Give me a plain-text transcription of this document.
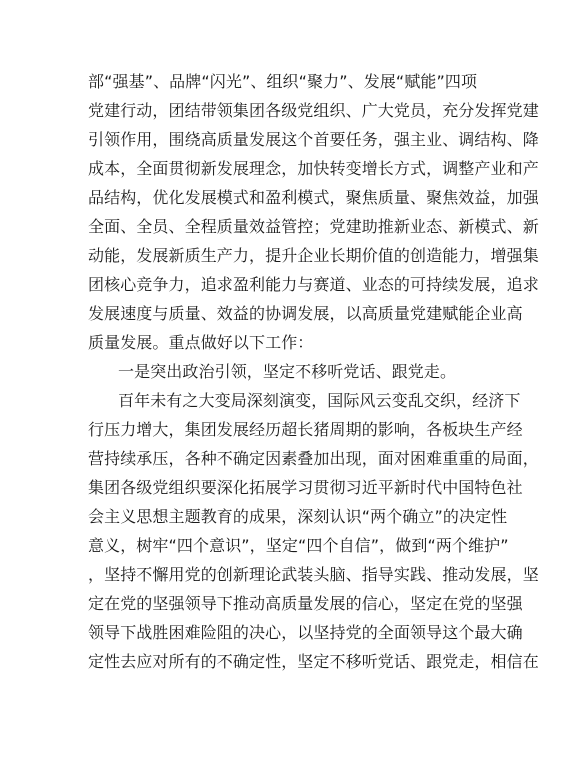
部“强基”、品牌“闪光”、组织“聚力”、发展“赋能”四项
党建行动，团结带领集团各级党组织、广大党员，充分发挥党建
引领作用，围绕高质量发展这个首要任务，强主业、调结构、降
成本，全面贯彻新发展理念，加快转变增长方式，调整产业和产
品结构，优化发展模式和盈利模式，聚焦质量、聚焦效益，加强
全面、全员、全程质量效益管控；党建助推新业态、新模式、新
动能，发展新质生产力，提升企业长期价值的创造能力，增强集
团核心竞争力，追求盈利能力与赛道、业态的可持续发展，追求
发展速度与质量、效益的协调发展，以高质量党建赋能企业高
质量发展。重点做好以下工作：
一是突出政治引领，坚定不移听党话、跟党走。
百年未有之大变局深刻演变，国际风云变乱交织，经济下
行压力增大，集团发展经历超长猪周期的影响，各板块生产经
营持续承压，各种不确定因素叠加出现，面对困难重重的局面，
集团各级党组织要深化拓展学习贯彻习近平新时代中国特色社
会主义思想主题教育的成果，深刻认识“两个确立”的决定性
意义，树牢“四个意识”，坚定“四个自信”，做到“两个维护”
，坚持不懈用党的创新理论武装头脑、指导实践、推动发展，坚
定在党的坚强领导下推动高质量发展的信心，坚定在党的坚强
领导下战胜困难险阻的决心，以坚持党的全面领导这个最大确
定性去应对所有的不确定性，坚定不移听党话、跟党走，相信在
